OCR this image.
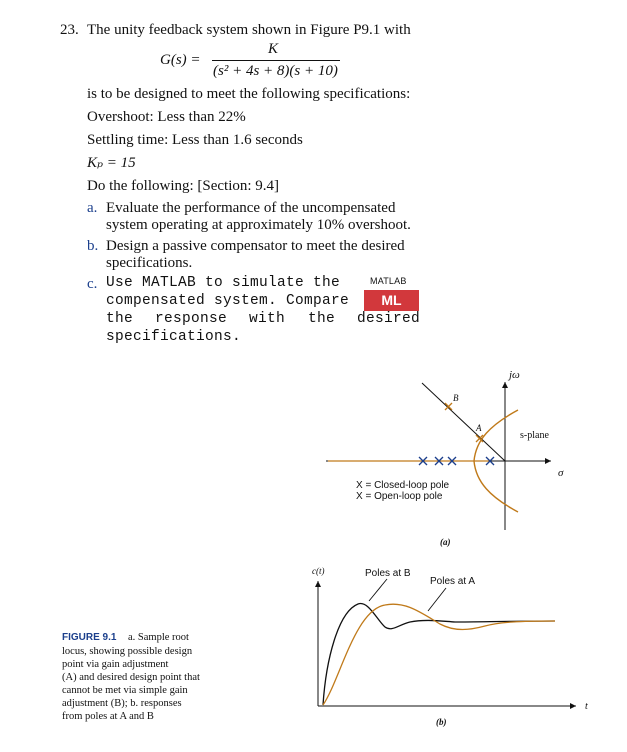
23. The unity feedback system shown in Figure P9.1 with
G(s) =
K
(s² + 4s + 8)(s + 10)
is to be designed to meet the following specifications:
Overshoot: Less than 22%
Settling time: Less than 1.6 seconds
Kₚ = 15
Do the following: [Section: 9.4]
a. Evaluate the performance of the uncompensated
system operating at approximately 10% overshoot.
b. Design a passive compensator to meet the desired
specifications.
c. Use MATLAB to simulate the
compensated system. Compare
the response with the desired
specifications.
MATLAB
ML
jω
σ
s-plane
A
B
X = Closed-loop pole
X = Open-loop pole
(a)
c(t)
t
Poles at B
Poles at A
(b)
FIGURE 9.1 a. Sample root
locus, showing possible design
point via gain adjustment
(A) and desired design point that
cannot be met via simple gain
adjustment (B); b. responses
from poles at A and B
